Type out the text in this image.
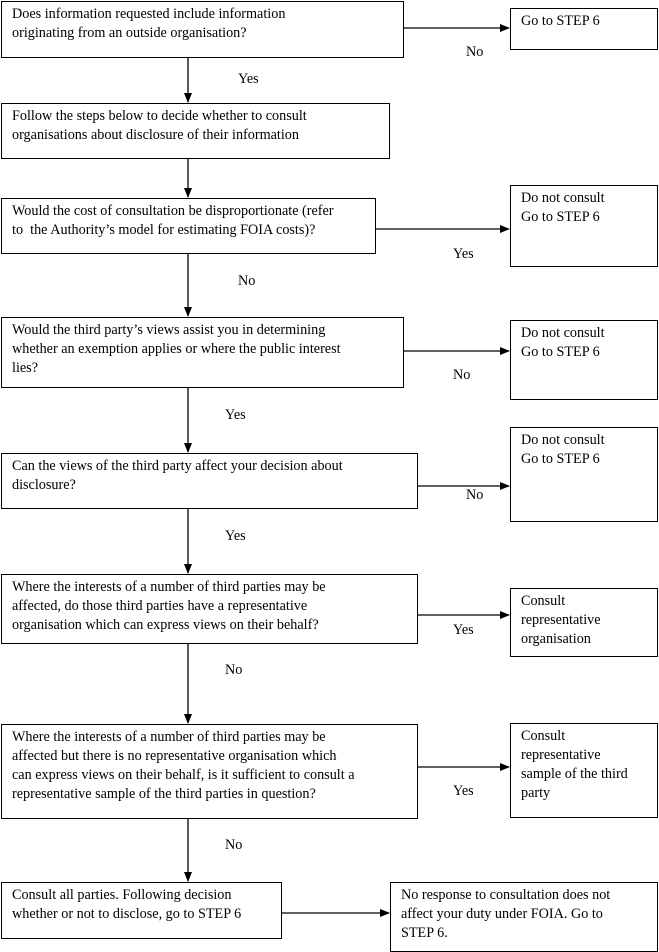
Does information requested include information
originating from an outside organisation?
Follow the steps below to decide whether to consult
organisations about disclosure of their information
Would the cost of consultation be disproportionate (refer
to  the Authority’s model for estimating FOIA costs)?
Would the third party’s views assist you in determining
whether an exemption applies or where the public interest
lies?
Can the views of the third party affect your decision about
disclosure?
Where the interests of a number of third parties may be
affected, do those third parties have a representative
organisation which can express views on their behalf?
Where the interests of a number of third parties may be
affected but there is no representative organisation which
can express views on their behalf, is it sufficient to consult a
representative sample of the third parties in question?
Consult all parties. Following decision
whether or not to disclose, go to STEP 6
Go to STEP 6
Do not consult
Go to STEP 6
Do not consult
Go to STEP 6
Do not consult
Go to STEP 6
Consult
representative
organisation
Consult
representative
sample of the third
party
No response to consultation does not
affect your duty under FOIA. Go to
STEP 6.
No
Yes
Yes
No
No
Yes
No
Yes
Yes
No
Yes
No
